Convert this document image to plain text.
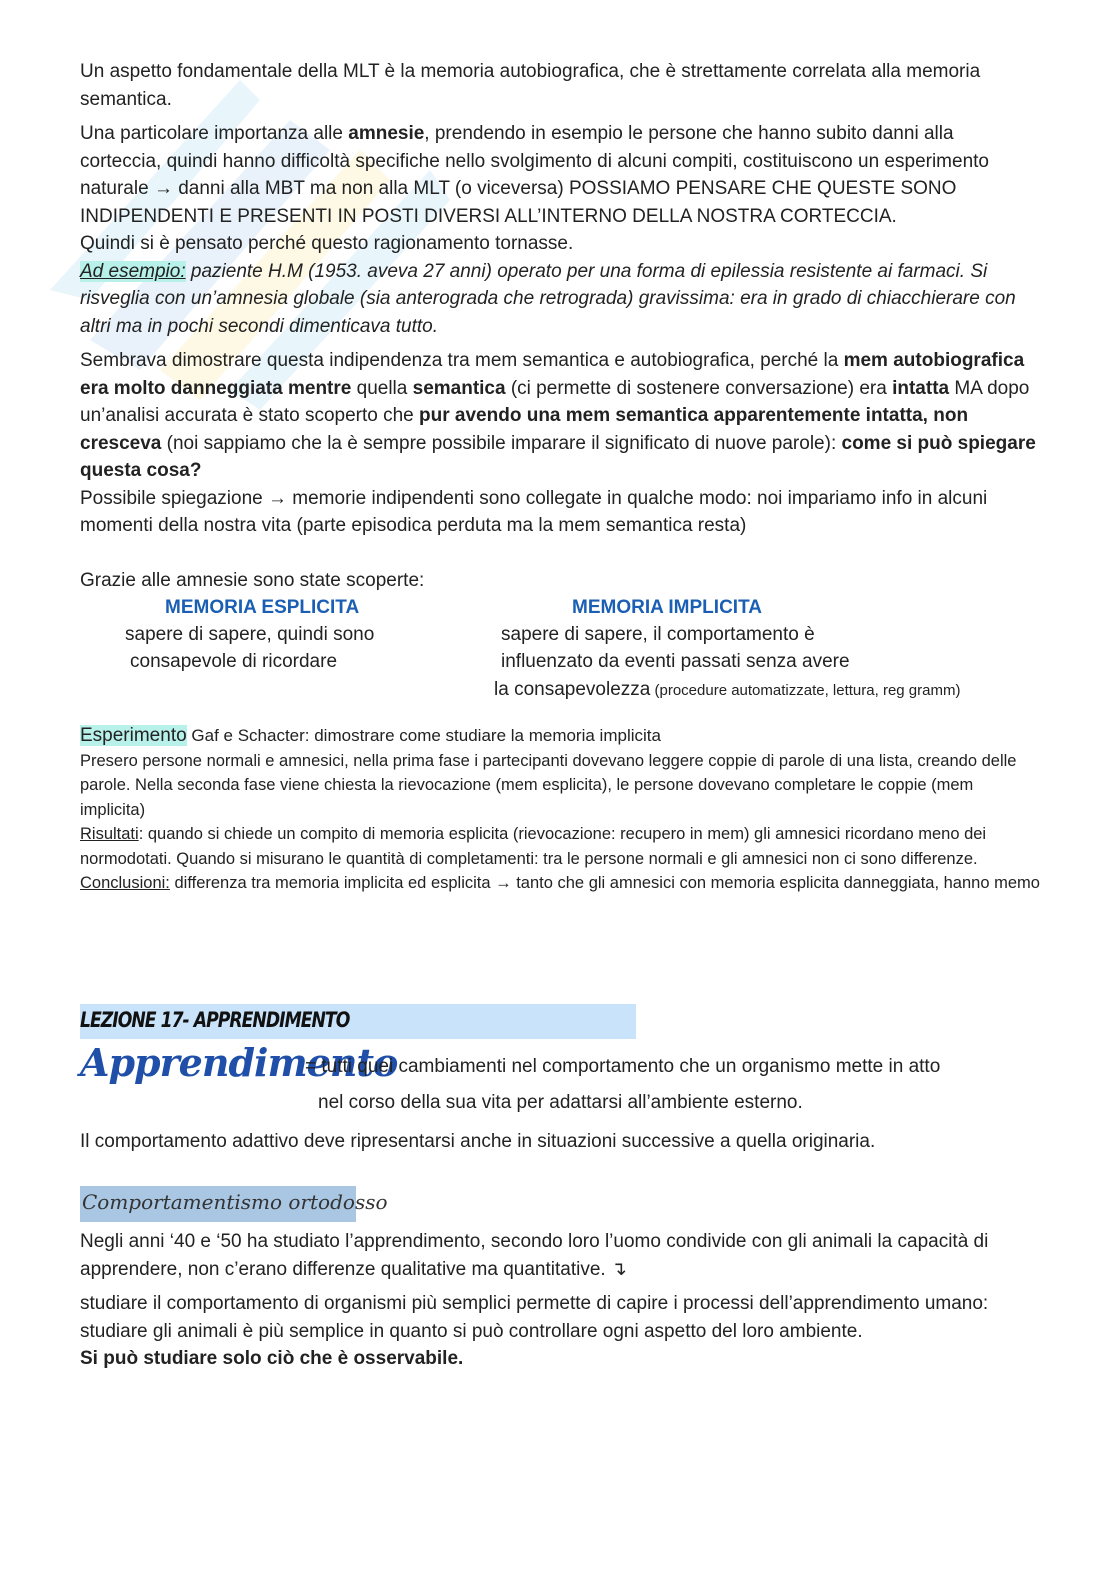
Un aspetto fondamentale della MLT è la memoria autobiografica, che è strettamente correlata alla memoria semantica.

Una particolare importanza alle amnesie, prendendo in esempio le persone che hanno subito danni alla corteccia, quindi hanno difficoltà specifiche nello svolgimento di alcuni compiti, costituiscono un esperimento naturale → danni alla MBT ma non alla MLT (o viceversa) POSSIAMO PENSARE CHE QUESTE SONO INDIPENDENTI E PRESENTI IN POSTI DIVERSI ALL’INTERNO DELLA NOSTRA CORTECCIA.

Quindi si è pensato perché questo ragionamento tornasse.

Ad esempio: paziente H.M (1953. aveva 27 anni) operato per una forma di epilessia resistente ai farmaci. Si risveglia con un’amnesia globale (sia anterograda che retrograda) gravissima: era in grado di chiacchierare con altri ma in pochi secondi dimenticava tutto.

Sembrava dimostrare questa indipendenza tra mem semantica e autobiografica, perché la mem autobiografica era molto danneggiata mentre quella semantica (ci permette di sostenere conversazione) era intatta MA dopo un’analisi accurata è stato scoperto che pur avendo una mem semantica apparentemente intatta, non cresceva (noi sappiamo che la è sempre possibile imparare il significato di nuove parole): come si può spiegare questa cosa?

Possibile spiegazione → memorie indipendenti sono collegate in qualche modo: noi impariamo info in alcuni momenti della nostra vita (parte episodica perduta ma la mem semantica resta)

Grazie alle amnesie sono state scoperte:

MEMORIA ESPLICITA
sapere di sapere, quindi sono
consapevole di ricordare
MEMORIA IMPLICITA
sapere di sapere, il comportamento è
influenzato da eventi passati senza avere
la consapevolezza (procedure automatizzate, lettura, reg gramm)

Esperimento Gaf e Schacter: dimostrare come studiare la memoria implicita

Presero persone normali e amnesici, nella prima fase i partecipanti dovevano leggere coppie di parole di una lista, creando delle parole. Nella seconda fase viene chiesta la rievocazione (mem esplicita), le persone dovevano completare le coppie (mem implicita)

Risultati: quando si chiede un compito di memoria esplicita (rievocazione: recupero in mem) gli amnesici ricordano meno dei normodotati. Quando si misurano le quantità di completamenti: tra le persone normali e gli amnesici non ci sono differenze.

Conclusioni: differenza tra memoria implicita ed esplicita → tanto che gli amnesici con memoria esplicita danneggiata, hanno memo

LEZIONE 17- APPRENDIMENTO
Apprendimento
= tutti quei cambiamenti nel comportamento che un organismo mette in atto
nel corso della sua vita per adattarsi all’ambiente esterno.
Il comportamento adattivo deve ripresentarsi anche in situazioni successive a quella originaria.
Comportamentismo ortodosso

Negli anni ‘40 e ‘50 ha studiato l’apprendimento, secondo loro l’uomo condivide con gli animali la capacità di apprendere, non c’erano differenze qualitative ma quantitative. ↴

studiare il comportamento di organismi più semplici permette di capire i processi dell’apprendimento umano: studiare gli animali è più semplice in quanto si può controllare ogni aspetto del loro ambiente.

Si può studiare solo ciò che è osservabile.
